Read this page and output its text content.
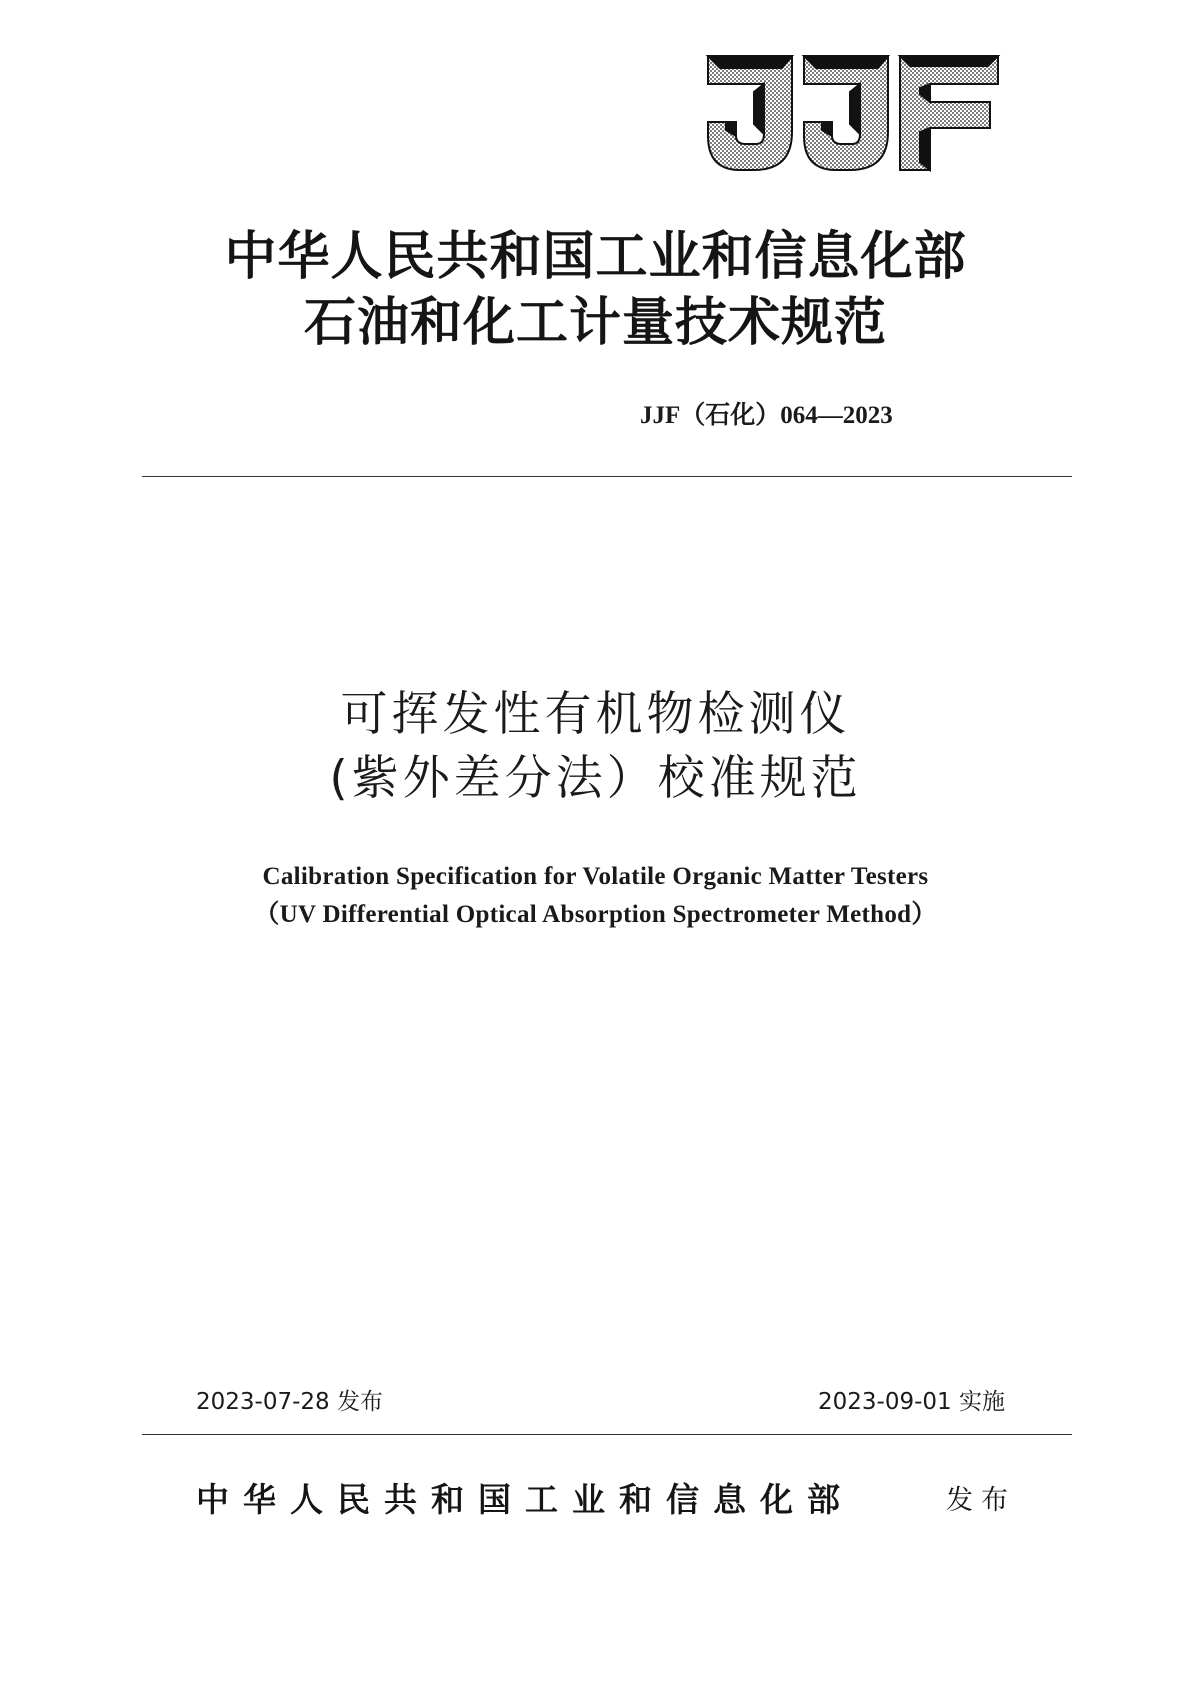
中华人民共和国工业和信息化部
石油和化工计量技术规范
JJF（石化）064—2023
可挥发性有机物检测仪
(紫外差分法）校准规范
Calibration Specification for Volatile Organic Matter Testers
（UV Differential Optical Absorption Spectrometer Method）
2023-07-28 发布	2023-09-01 实施
中华人民共和国工业和信息化部	发布
